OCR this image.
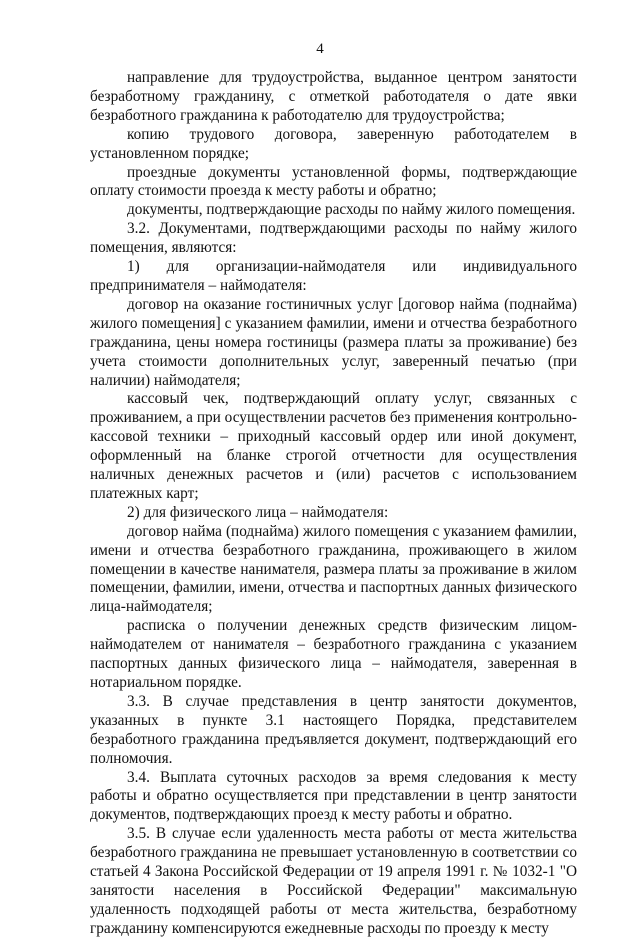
4

направление для трудоустройства, выданное центром занятости безработному гражданину, с отметкой работодателя о дате явки безработного гражданина к работодателю для трудоустройства;

копию трудового договора, заверенную работодателем в установленном порядке;

проездные документы установленной формы, подтверждающие оплату стоимости проезда к месту работы и обратно;

документы, подтверждающие расходы по найму жилого помещения.

3.2. Документами, подтверждающими расходы по найму жилого помещения, являются:

1) для организации-наймодателя или индивидуального предпринимателя – наймодателя:

договор на оказание гостиничных услуг [договор найма (поднайма) жилого помещения] с указанием фамилии, имени и отчества безработного гражданина, цены номера гостиницы (размера платы за проживание) без учета стоимости дополнительных услуг, заверенный печатью (при наличии) наймодателя;

кассовый чек, подтверждающий оплату услуг, связанных с проживанием, а при осуществлении расчетов без применения контрольно-кассовой техники – приходный кассовый ордер или иной документ, оформленный на бланке строгой отчетности для осуществления наличных денежных расчетов и (или) расчетов с использованием платежных карт;

2) для физического лица – наймодателя:

договор найма (поднайма) жилого помещения с указанием фамилии, имени и отчества безработного гражданина, проживающего в жилом помещении в качестве нанимателя, размера платы за проживание в жилом помещении, фамилии, имени, отчества и паспортных данных физического лица-наймодателя;

расписка о получении денежных средств физическим лицом-наймодателем от нанимателя – безработного гражданина с указанием паспортных данных физического лица – наймодателя, заверенная в нотариальном порядке.

3.3. В случае представления в центр занятости документов, указанных в пункте 3.1 настоящего Порядка, представителем безработного гражданина предъявляется документ, подтверждающий его полномочия.

3.4. Выплата суточных расходов за время следования к месту работы и обратно осуществляется при представлении в центр занятости документов, подтверждающих проезд к месту работы и обратно.

3.5. В случае если удаленность места работы от места жительства безработного гражданина не превышает установленную в соответствии со статьей 4 Закона Российской Федерации от 19 апреля 1991 г. № 1032-1 "О занятости населения в Российской Федерации" максимальную удаленность подходящей работы от места жительства, безработному гражданину компенсируются ежедневные расходы по проезду к месту
